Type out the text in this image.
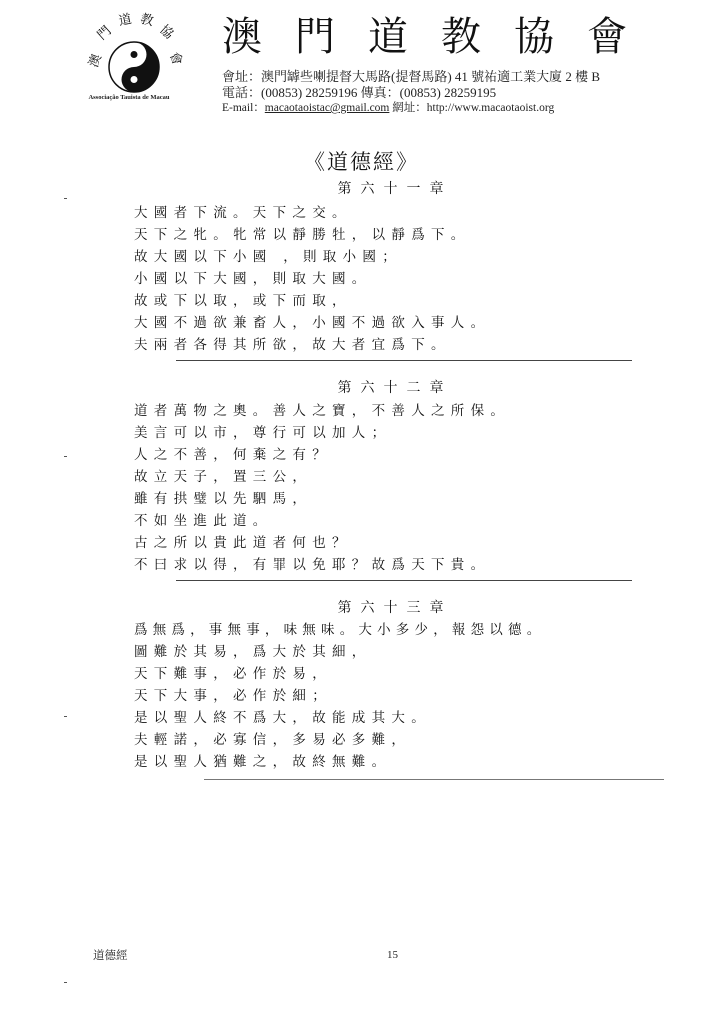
澳
門
道 教
協
會
Associação Tauista de Macau
澳門道教協會
會址：澳門罅些喇提督大馬路(提督馬路) 41 號祐適工業大廈 2 樓 B
電話：(00853) 28259196 傳真：(00853) 28259195
E-mail：macaotaoistac@gmail.com 網址：http://www.macaotaoist.org
《道德經》
第六十一章
大國者下流。天下之交。
天下之牝。牝常以靜勝牡，以靜爲下。
故大國以下小國 ，則取小國；
小國以下大國，則取大國。
故或下以取，或下而取，
大國不過欲兼畜人，小國不過欲入事人。
夫兩者各得其所欲，故大者宜爲下。
第六十二章
道者萬物之奧。善人之寶，不善人之所保。
美言可以市，尊行可以加人；
人之不善，何棄之有？
故立天子，置三公，
雖有拱璧以先駟馬，
不如坐進此道。
古之所以貴此道者何也？
不曰求以得，有罪以免耶？故爲天下貴。
第六十三章
爲無爲，事無事，味無味。大小多少，報怨以德。
圖難於其易，爲大於其細，
天下難事，必作於易，
天下大事，必作於細；
是以聖人終不爲大，故能成其大。
夫輕諾，必寡信，多易必多難，
是以聖人猶難之，故終無難。
道德經	15
